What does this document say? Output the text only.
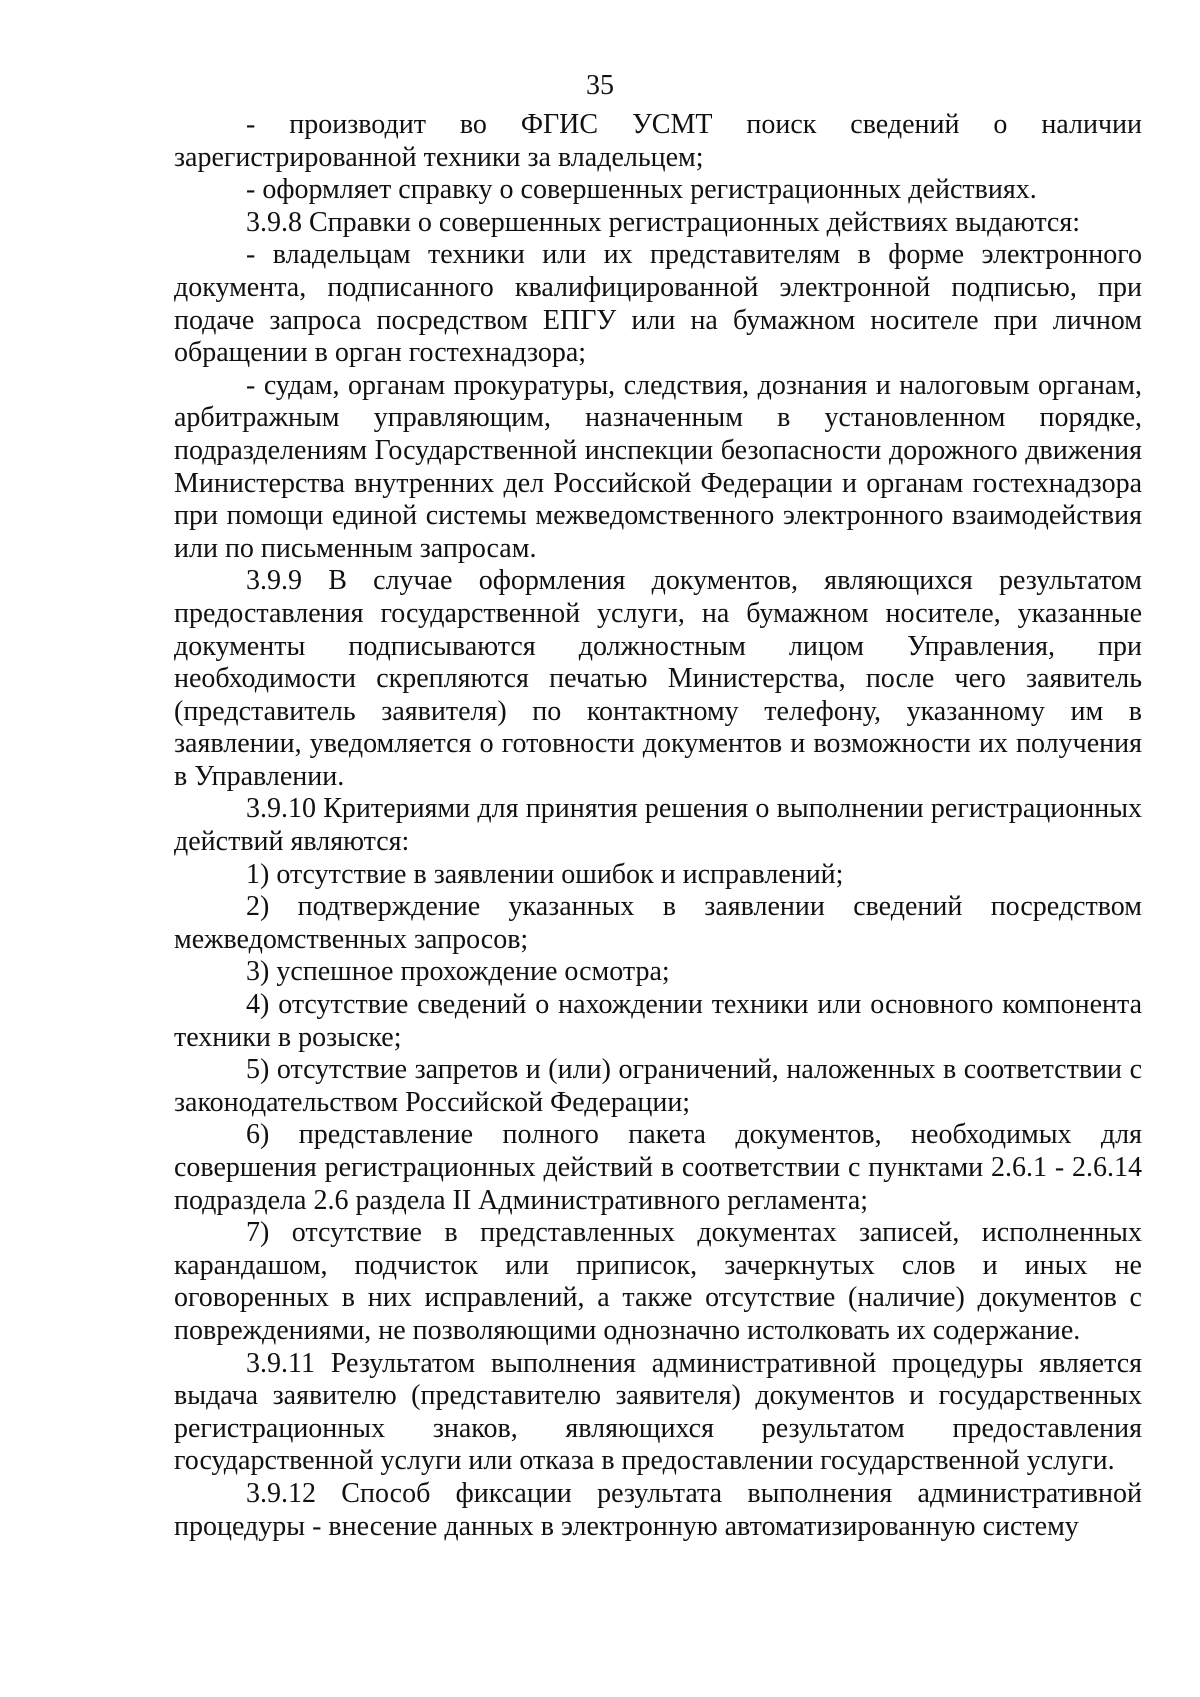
35

- производит во ФГИС УСМТ поиск сведений о наличии зарегистрированной техники за владельцем;

- оформляет справку о совершенных регистрационных действиях.

3.9.8 Справки о совершенных регистрационных действиях выдаются:

- владельцам техники или их представителям в форме электронного документа, подписанного квалифицированной электронной подписью, при подаче запроса посредством ЕПГУ или на бумажном носителе при личном обращении в орган гостехнадзора;

- судам, органам прокуратуры, следствия, дознания и налоговым органам, арбитражным управляющим, назначенным в установленном порядке, подразделениям Государственной инспекции безопасности дорожного движения Министерства внутренних дел Российской Федерации и органам гостехнадзора при помощи единой системы межведомственного электронного взаимодействия или по письменным запросам.

3.9.9 В случае оформления документов, являющихся результатом предоставления государственной услуги, на бумажном носителе, указанные документы подписываются должностным лицом Управления, при необходимости скрепляются печатью Министерства, после чего заявитель (представитель заявителя) по контактному телефону, указанному им в заявлении, уведомляется о готовности документов и возможности их получения в Управлении.

3.9.10 Критериями для принятия решения о выполнении регистрационных действий являются:

1) отсутствие в заявлении ошибок и исправлений;

2) подтверждение указанных в заявлении сведений посредством межведомственных запросов;

3) успешное прохождение осмотра;

4) отсутствие сведений о нахождении техники или основного компонента техники в розыске;

5) отсутствие запретов и (или) ограничений, наложенных в соответствии с законодательством Российской Федерации;

6) представление полного пакета документов, необходимых для совершения регистрационных действий в соответствии с пунктами 2.6.1 - 2.6.14 подраздела 2.6 раздела II Административного регламента;

7) отсутствие в представленных документах записей, исполненных карандашом, подчисток или приписок, зачеркнутых слов и иных не оговоренных в них исправлений, а также отсутствие (наличие) документов с повреждениями, не позволяющими однозначно истолковать их содержание.

3.9.11 Результатом выполнения административной процедуры является выдача заявителю (представителю заявителя) документов и государственных регистрационных знаков, являющихся результатом предоставления государственной услуги или отказа в предоставлении государственной услуги.

3.9.12 Способ фиксации результата выполнения административной процедуры - внесение данных в электронную автоматизированную систему
